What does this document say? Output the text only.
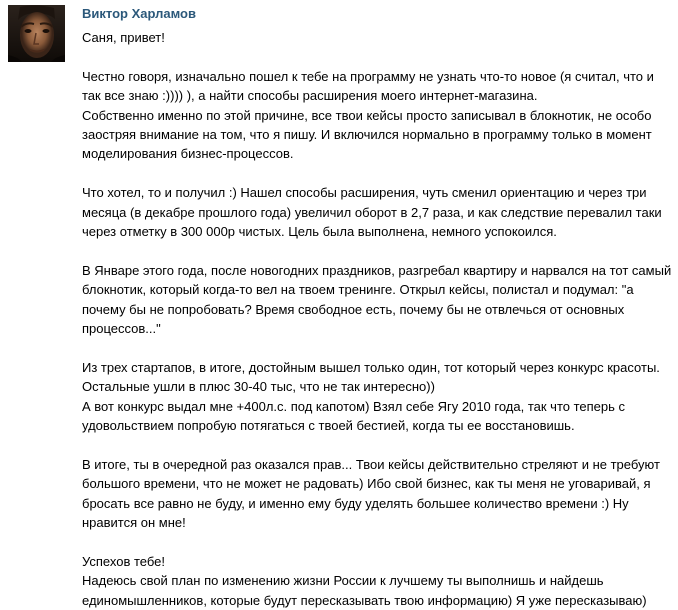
Виктор Харламов
Саня, привет!
Честно говоря, изначально пошел к тебе на программу не узнать что-то новое (я считал, что и
так все знаю :)))) ), а найти способы расширения моего интернет-магазина.
Собственно именно по этой причине, все твои кейсы просто записывал в блокнотик, не особо
заостряя внимание на том, что я пишу. И включился нормально в программу только в момент
моделирования бизнес-процессов.
Что хотел, то и получил :) Нашел способы расширения, чуть сменил ориентацию и через три
месяца (в декабре прошлого года) увеличил оборот в 2,7 раза, и как следствие перевалил таки
через отметку в 300 000р чистых. Цель была выполнена, немного успокоился.
В Январе этого года, после новогодних праздников, разгребал квартиру и нарвался на тот самый
блокнотик, который когда-то вел на твоем тренинге. Открыл кейсы, полистал и подумал: "а
почему бы не попробовать? Время свободное есть, почему бы не отвлечься от основных
процессов..."
Из трех стартапов, в итоге, достойным вышел только один, тот который через конкурс красоты.
Остальные ушли в плюс 30-40 тыс, что не так интересно))
А вот конкурс выдал мне +400л.с. под капотом) Взял себе Ягу 2010 года, так что теперь с
удовольствием попробую потягаться с твоей бестией, когда ты ее восстановишь.
В итоге, ты в очередной раз оказался прав... Твои кейсы действительно стреляют и не требуют
большого времени, что не может не радовать) Ибо свой бизнес, как ты меня не уговаривай, я
бросать все равно не буду, и именно ему буду уделять большее количество времени :) Ну
нравится он мне!
Успехов тебе!
Надеюсь свой план по изменению жизни России к лучшему ты выполнишь и найдешь
единомышленников, которые будут пересказывать твою информацию) Я уже пересказываю)
